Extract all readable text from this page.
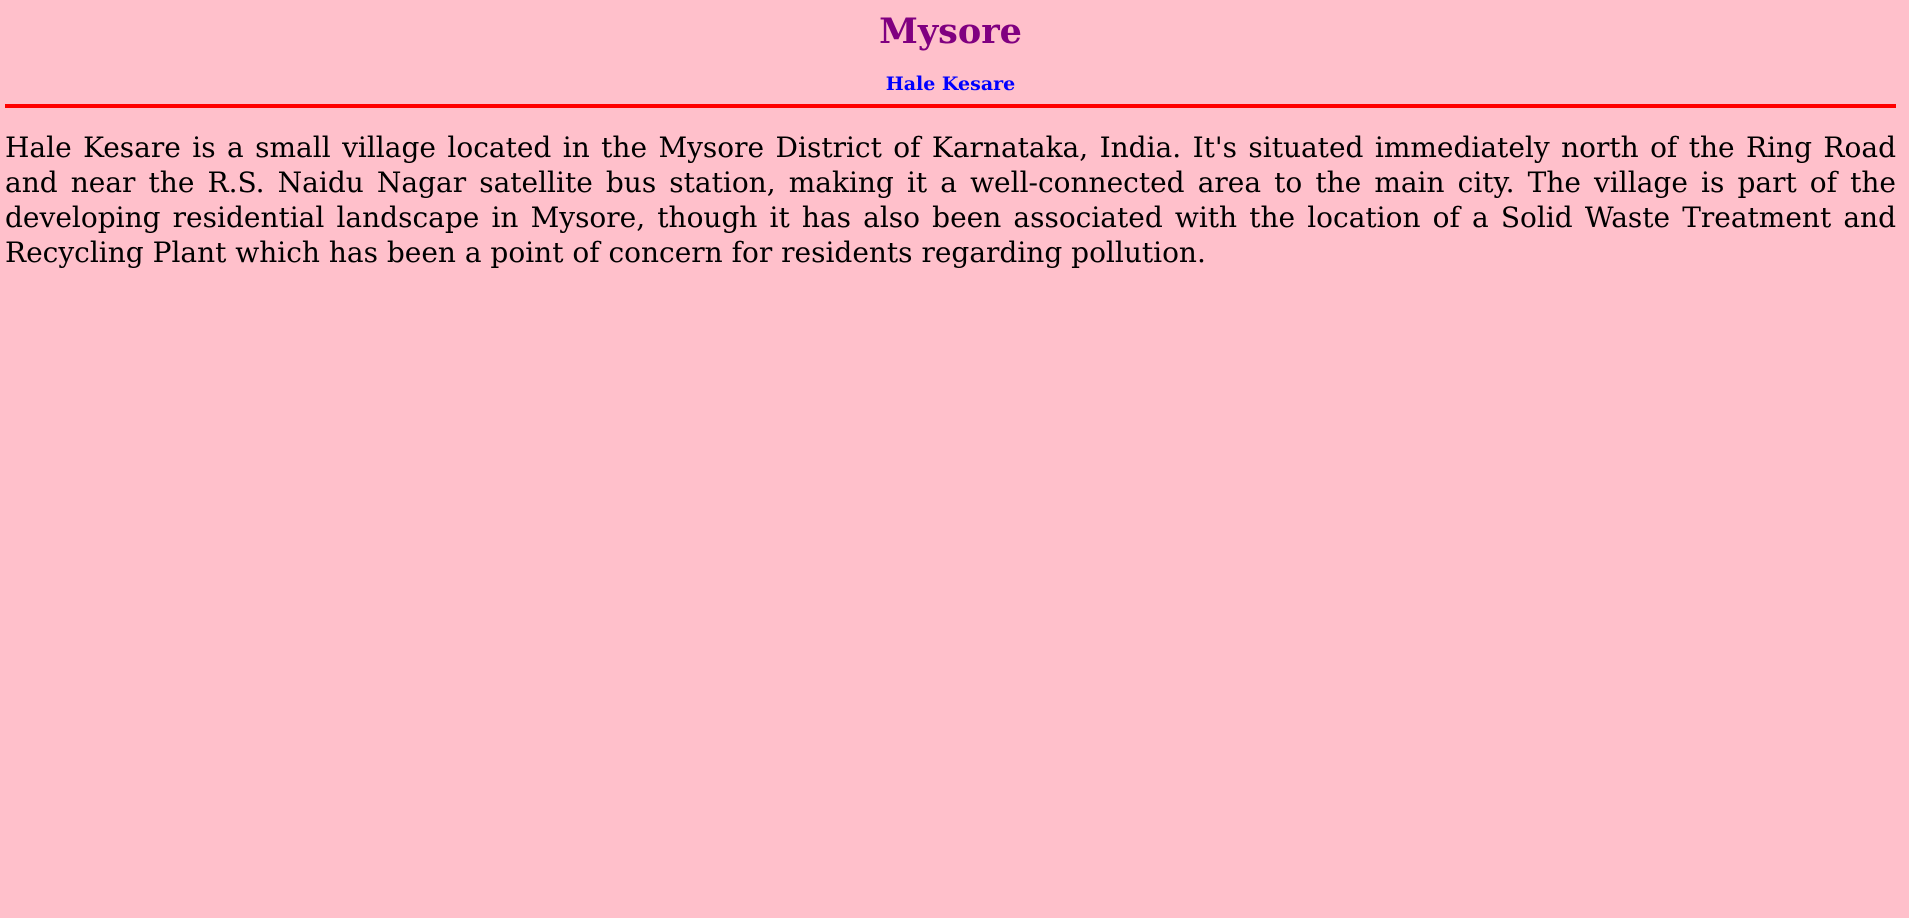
Mysore
Hale Kesare

Hale Kesare is a small village located in the Mysore District of Karnataka, India. It's situated immediately north of the Ring Road and near the R.S. Naidu Nagar satellite bus station, making it a well-connected area to the main city. The village is part of the developing residential landscape in Mysore, though it has also been associated with the location of a Solid Waste Treatment and Recycling Plant which has been a point of concern for residents regarding pollution.
